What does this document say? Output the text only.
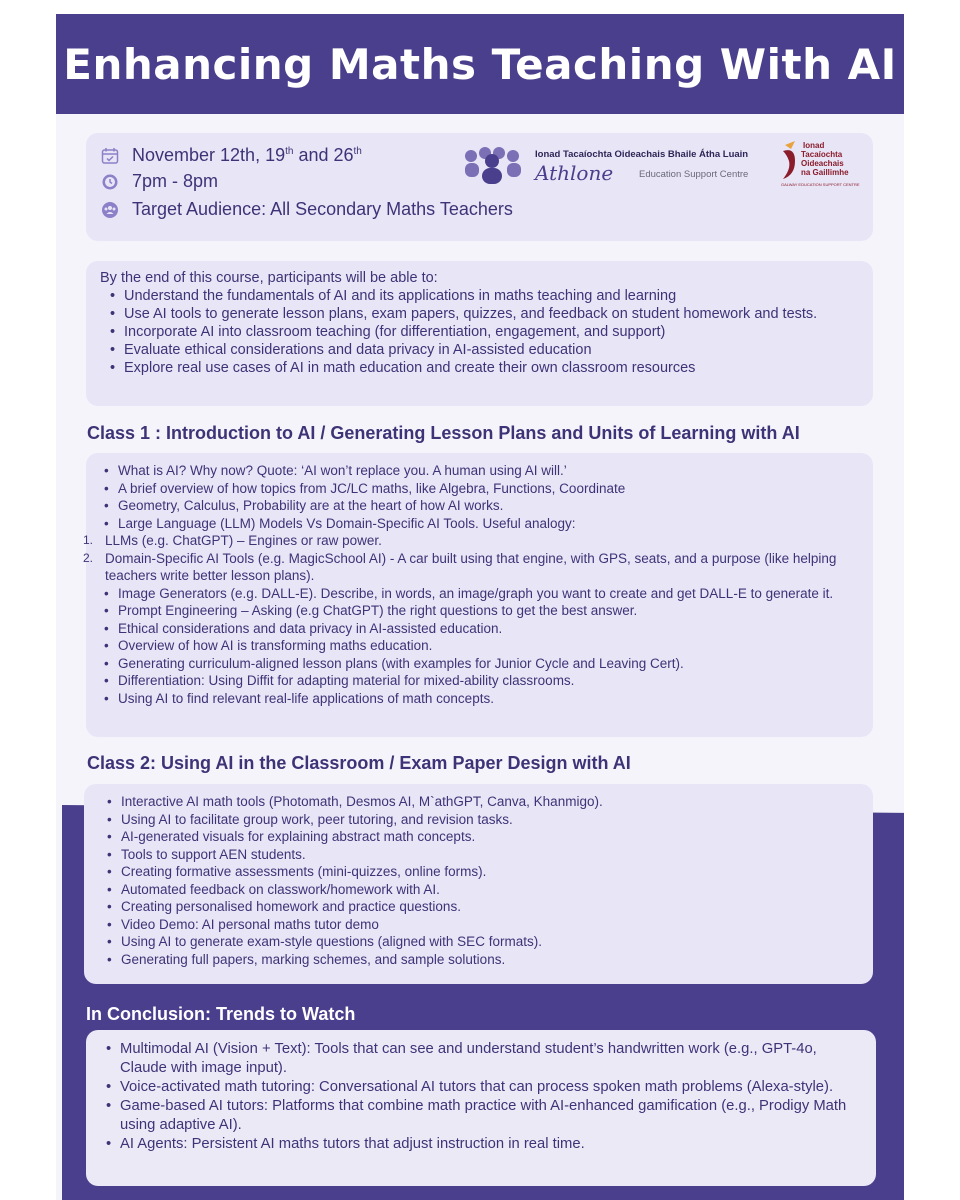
Enhancing Maths Teaching With AI
November 12th, 19th and 26th
7pm - 8pm
Target Audience: All Secondary Maths Teachers
Ionad Tacaíochta Oideachais Bhaile Átha Luain
Athlone	Education Support Centre
Ionad
Tacaíochta
Oideachais
na Gaillimhe
GALWAY EDUCATION SUPPORT CENTRE

By the end of this course, participants will be able to:

• Understand the fundamentals of AI and its applications in maths teaching and learning
• Use AI tools to generate lesson plans, exam papers, quizzes, and feedback on student homework and tests.
• Incorporate AI into classroom teaching (for differentiation, engagement, and support)
• Evaluate ethical considerations and data privacy in AI-assisted education
• Explore real use cases of AI in math education and create their own classroom resources
Class 1 : Introduction to AI / Generating Lesson Plans and Units of Learning with AI
• What is AI? Why now? Quote: ‘AI won’t replace you. A human using AI will.’
• A brief overview of how topics from JC/LC maths, like Algebra, Functions, Coordinate
• Geometry, Calculus, Probability are at the heart of how AI works.
• Large Language (LLM) Models Vs Domain-Specific AI Tools. Useful analogy:
1. LLMs (e.g. ChatGPT) – Engines or raw power.
2. Domain-Specific AI Tools (e.g. MagicSchool AI) - A car built using that engine, with GPS, seats, and a purpose (like helping teachers write better lesson plans).
• Image Generators (e.g. DALL-E). Describe, in words, an image/graph you want to create and get DALL-E to generate it.
• Prompt Engineering – Asking (e.g ChatGPT) the right questions to get the best answer.
• Ethical considerations and data privacy in AI-assisted education.
• Overview of how AI is transforming maths education.
• Generating curriculum-aligned lesson plans (with examples for Junior Cycle and Leaving Cert).
• Differentiation: Using Diffit for adapting material for mixed-ability classrooms.
• Using AI to find relevant real-life applications of math concepts.
Class 2: Using AI in the Classroom / Exam Paper Design with AI
• Interactive AI math tools (Photomath, Desmos AI, M`athGPT, Canva, Khanmigo).
• Using AI to facilitate group work, peer tutoring, and revision tasks.
• AI-generated visuals for explaining abstract math concepts.
• Tools to support AEN students.
• Creating formative assessments (mini-quizzes, online forms).
• Automated feedback on classwork/homework with AI.
• Creating personalised homework and practice questions.
• Video Demo: AI personal maths tutor demo
• Using AI to generate exam-style questions (aligned with SEC formats).
• Generating full papers, marking schemes, and sample solutions.
In Conclusion: Trends to Watch
• Multimodal AI (Vision + Text): Tools that can see and understand student’s handwritten work (e.g., GPT-4o, Claude with image input).
• Voice-activated math tutoring: Conversational AI tutors that can process spoken math problems (Alexa-style).
• Game-based AI tutors: Platforms that combine math practice with AI-enhanced gamification (e.g., Prodigy Math using adaptive AI).
• AI Agents: Persistent AI maths tutors that adjust instruction in real time.
